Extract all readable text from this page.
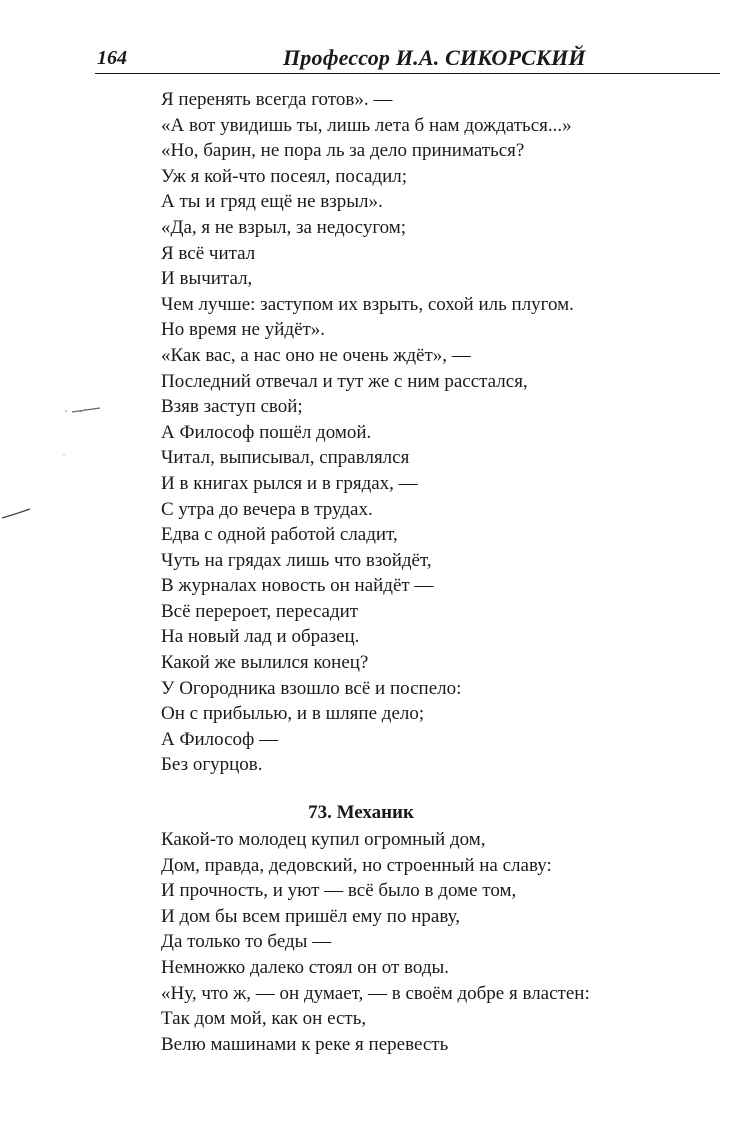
164	Профессор И.А. СИКОРСКИЙ
Я перенять всегда готов». —
«А вот увидишь ты, лишь лета б нам дождаться...»
«Но, барин, не пора ль за дело приниматься?
Уж я кой-что посеял, посадил;
А ты и гряд ещё не взрыл».
«Да, я не взрыл, за недосугом;
Я всё читал
И вычитал,
Чем лучше: заступом их взрыть, сохой иль плугом.
Но время не уйдёт».
«Как вас, а нас оно не очень ждёт», —
Последний отвечал и тут же с ним расстался,
Взяв заступ свой;
А Философ пошёл домой.
Читал, выписывал, справлялся
И в книгах рылся и в грядах, —
С утра до вечера в трудах.
Едва с одной работой сладит,
Чуть на грядах лишь что взойдёт,
В журналах новость он найдёт —
Всё перероет, пересадит
На новый лад и образец.
Какой же вылился конец?
У Огородника взошло всё и поспело:
Он с прибылью, и в шляпе дело;
А Философ —
Без огурцов.
73. Механик
Какой-то молодец купил огромный дом,
Дом, правда, дедовский, но строенный на славу:
И прочность, и уют — всё было в доме том,
И дом бы всем пришёл ему по нраву,
Да только то беды —
Немножко далеко стоял он от воды.
«Ну, что ж, — он думает, — в своём добре я властен:
Так дом мой, как он есть,
Велю машинами к реке я перевесть
